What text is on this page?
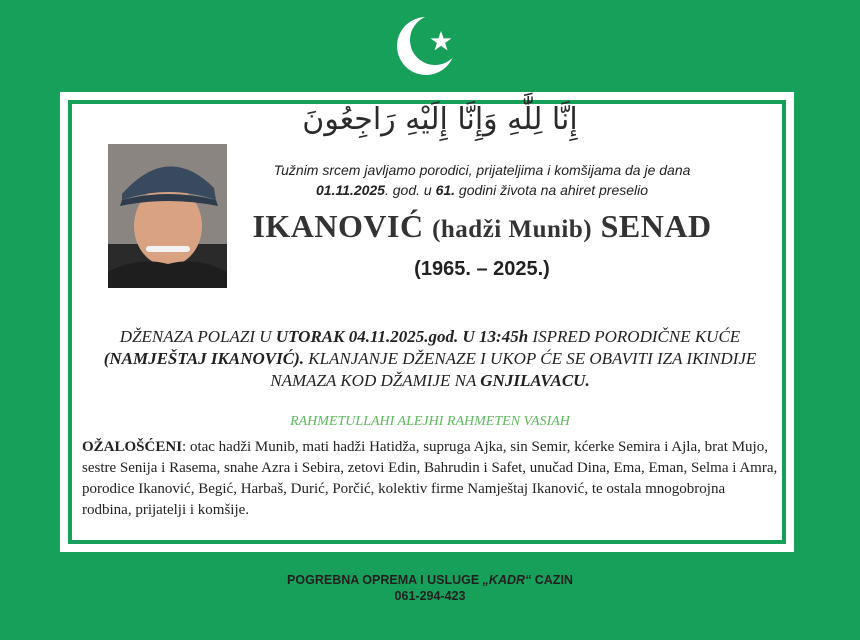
إِنَّا لِلَّٰهِ وَإِنَّا إِلَيْهِ رَاجِعُونَ
Tužnim srcem javljamo porodici, prijateljima i komšijama da je dana
01.11.2025. god. u 61. godini života na ahiret preselio
IKANOVIĆ (hadži Munib) SENAD
(1965. – 2025.)
DŽENAZA POLAZI U UTORAK 04.11.2025.god. U 13:45h ISPRED PORODIČNE KUĆE (NAMJEŠTAJ IKANOVIĆ). KLANJANJE DŽENAZE I UKOP ĆE SE OBAVITI IZA IKINDIJE NAMAZA KOD DŽAMIJE NA GNJILAVACU.
RAHMETULLAHI ALEJHI RAHMETEN VASIAH
OŽALOŠĆENI: otac hadži Munib, mati hadži Hatidža, supruga Ajka, sin Semir, kćerke Semira i Ajla, brat Mujo, sestre Senija i Rasema, snahe Azra i Sebira, zetovi Edin, Bahrudin i Safet, unučad Dina, Ema, Eman, Selma i Amra, porodice Ikanović, Begić, Harbaš, Durić, Porčić, kolektiv firme Namještaj Ikanović, te ostala mnogobrojna rodbina, prijatelji i komšije.
POGREBNA OPREMA I USLUGE „KADR“ CAZIN
061-294-423
